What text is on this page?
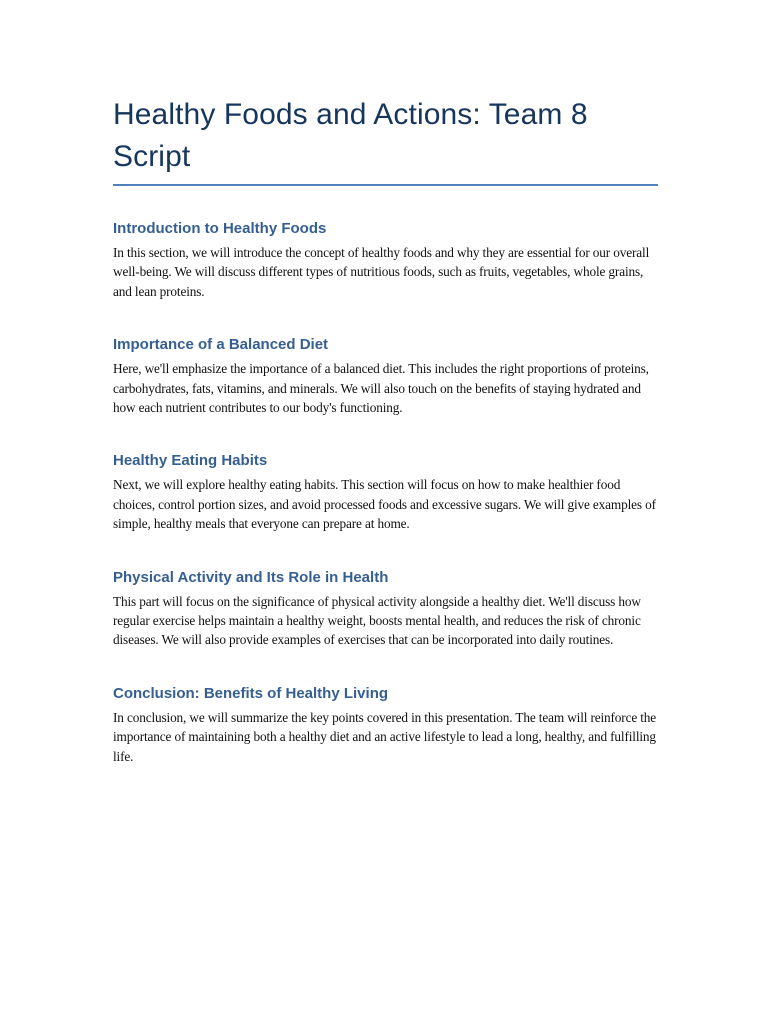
Healthy Foods and Actions: Team 8 Script
Introduction to Healthy Foods

In this section, we will introduce the concept of healthy foods and why they are essential for our overall well-being. We will discuss different types of nutritious foods, such as fruits, vegetables, whole grains, and lean proteins.

Importance of a Balanced Diet

Here, we'll emphasize the importance of a balanced diet. This includes the right proportions of proteins, carbohydrates, fats, vitamins, and minerals. We will also touch on the benefits of staying hydrated and how each nutrient contributes to our body's functioning.

Healthy Eating Habits

Next, we will explore healthy eating habits. This section will focus on how to make healthier food choices, control portion sizes, and avoid processed foods and excessive sugars. We will give examples of simple, healthy meals that everyone can prepare at home.

Physical Activity and Its Role in Health

This part will focus on the significance of physical activity alongside a healthy diet. We'll discuss how regular exercise helps maintain a healthy weight, boosts mental health, and reduces the risk of chronic diseases. We will also provide examples of exercises that can be incorporated into daily routines.

Conclusion: Benefits of Healthy Living

In conclusion, we will summarize the key points covered in this presentation. The team will reinforce the importance of maintaining both a healthy diet and an active lifestyle to lead a long, healthy, and fulfilling life.
